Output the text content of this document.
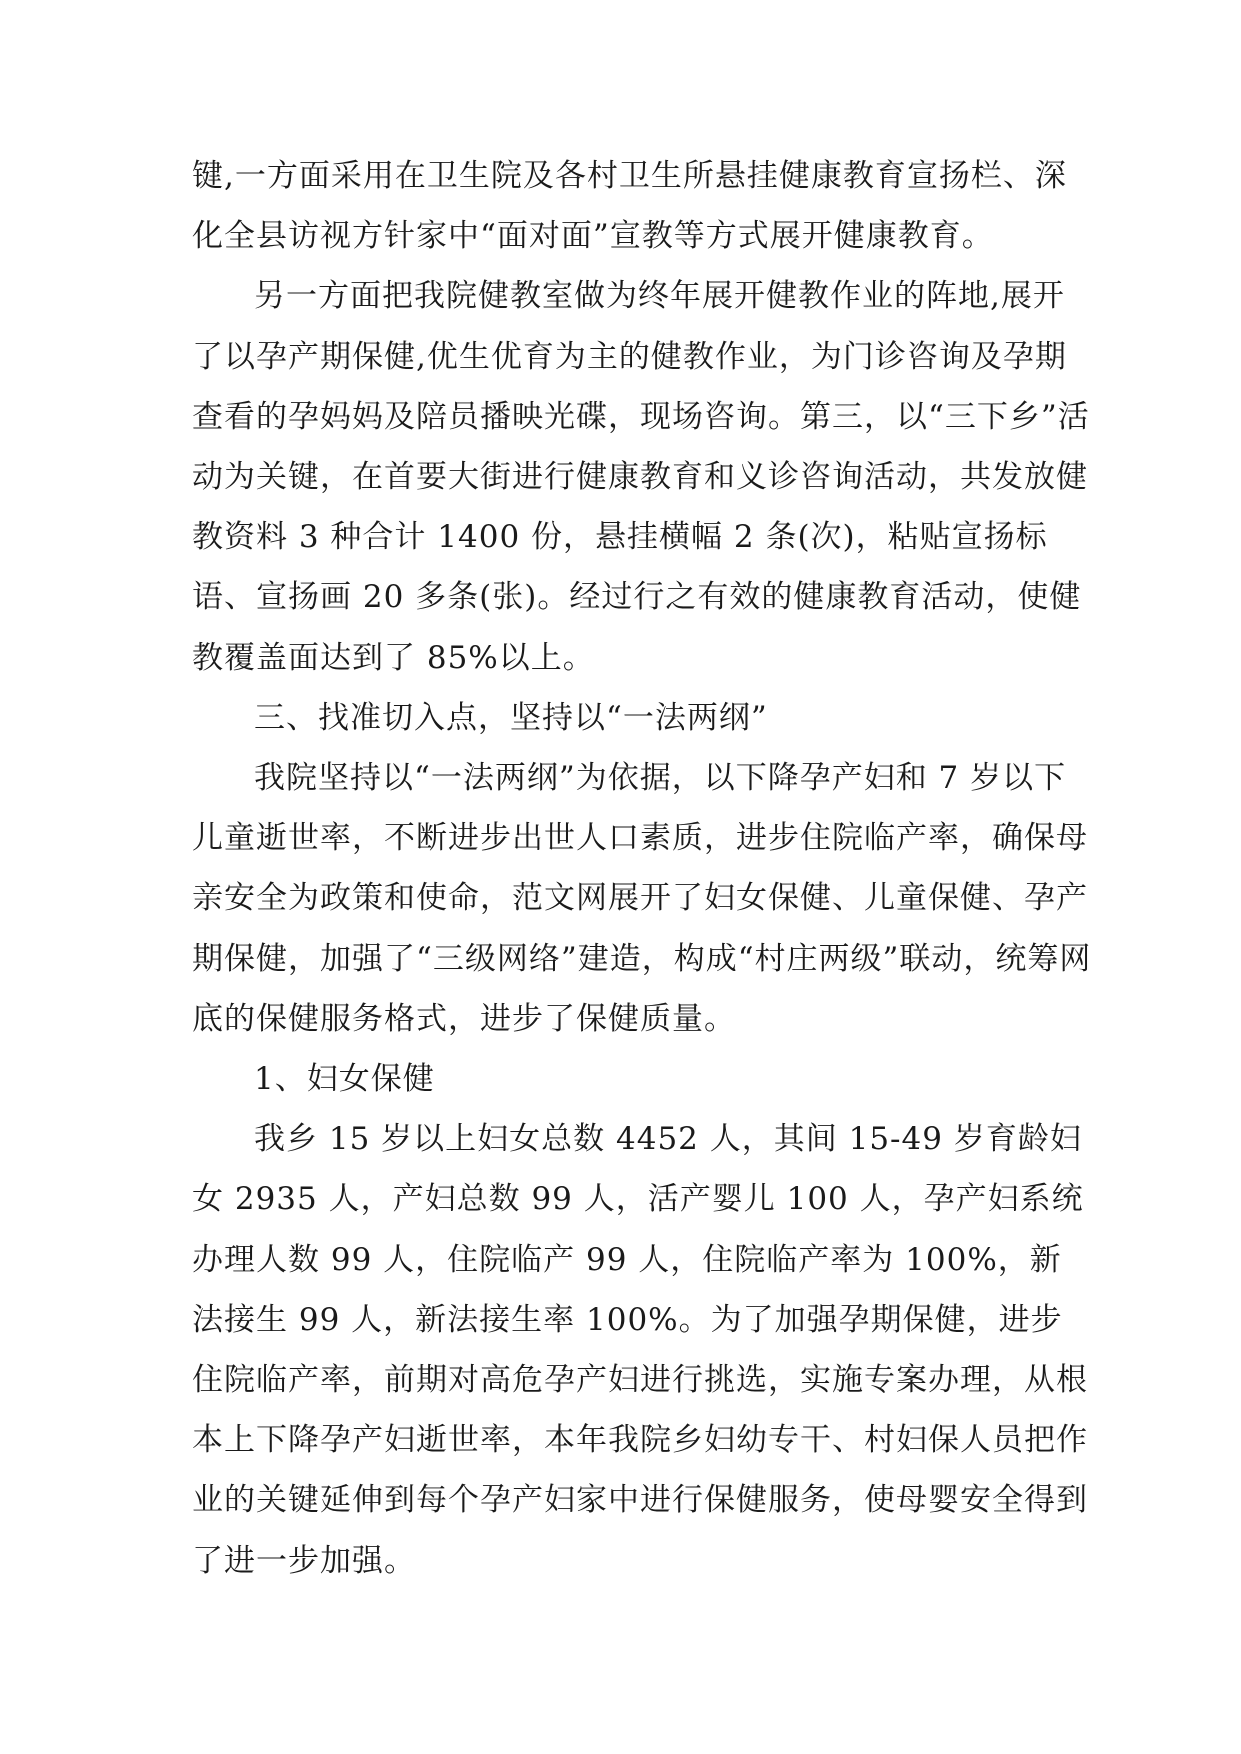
键,一方面采用在卫生院及各村卫生所悬挂健康教育宣扬栏、深化全县访视方针家中“面对面”宣教等方式展开健康教育。

另一方面把我院健教室做为终年展开健教作业的阵地,展开了以孕产期保健,优生优育为主的健教作业，为门诊咨询及孕期查看的孕妈妈及陪员播映光碟，现场咨询。第三，以“三下乡”活动为关键，在首要大街进行健康教育和义诊咨询活动，共发放健教资料 3 种合计 1400 份，悬挂横幅 2 条(次)，粘贴宣扬标语、宣扬画 20 多条(张)。经过行之有效的健康教育活动，使健教覆盖面达到了 85%以上。

三、找准切入点，坚持以“一法两纲”

我院坚持以“一法两纲”为依据，以下降孕产妇和 7 岁以下儿童逝世率，不断进步出世人口素质，进步住院临产率，确保母亲安全为政策和使命，范文网展开了妇女保健、儿童保健、孕产期保健，加强了“三级网络”建造，构成“村庄两级”联动，统筹网底的保健服务格式，进步了保健质量。

1、妇女保健

我乡 15 岁以上妇女总数 4452 人，其间 15-49 岁育龄妇女 2935 人，产妇总数 99 人，活产婴儿 100 人，孕产妇系统办理人数 99 人，住院临产 99 人，住院临产率为 100%，新法接生 99 人，新法接生率 100%。为了加强孕期保健，进步住院临产率，前期对高危孕产妇进行挑选，实施专案办理，从根本上下降孕产妇逝世率，本年我院乡妇幼专干、村妇保人员把作业的关键延伸到每个孕产妇家中进行保健服务，使母婴安全得到了进一步加强。
